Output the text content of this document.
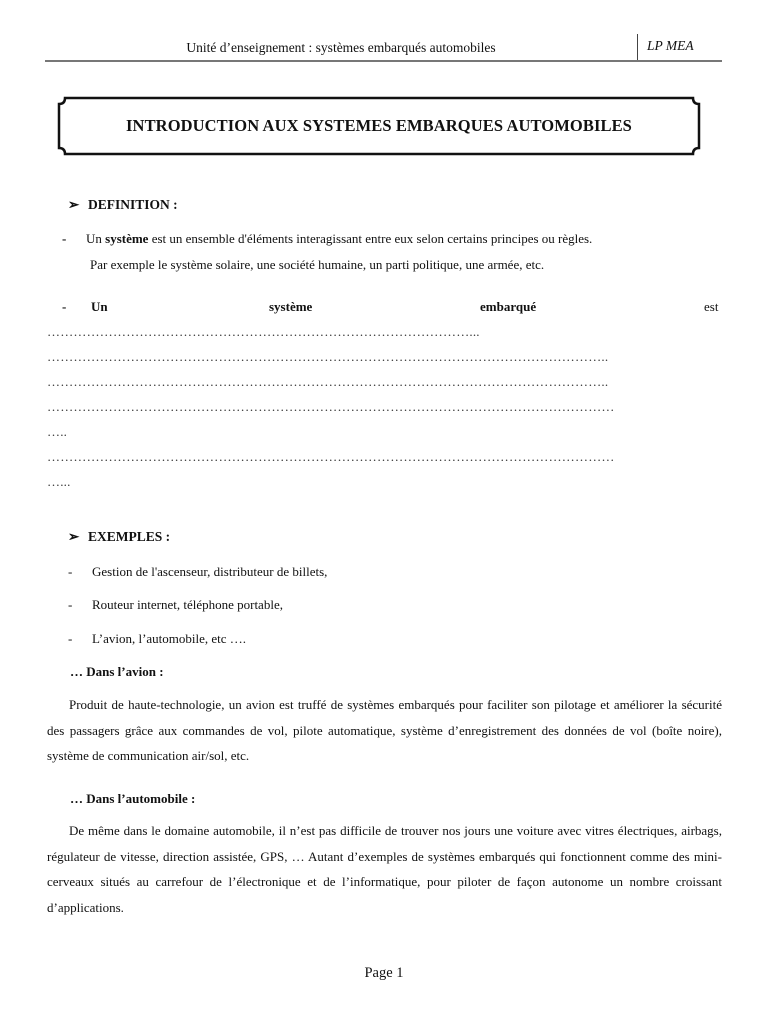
Unité d’enseignement : systèmes embarqués automobiles	LP MEA
INTRODUCTION AUX SYSTEMES EMBARQUES AUTOMOBILES
➢ DEFINITION :
- Un système est un ensemble d'éléments interagissant entre eux selon certains principes ou règles.
Par exemple le système solaire, une société humaine, un parti politique, une armée, etc.
- Un	système	embarqué	est
……………………………………………………………………………………...
………………………………………………………………………………………………………………..
………………………………………………………………………………………………………………..
…………………………………………………………………………………………………………………
…..
…………………………………………………………………………………………………………………
…...
➢ EXEMPLES :
- Gestion de l'ascenseur, distributeur de billets,
- Routeur internet, téléphone portable,
- L’avion, l’automobile, etc ….
… Dans l’avion :
Produit de haute-technologie, un avion est truffé de systèmes embarqués pour faciliter son pilotage et améliorer la sécurité des passagers grâce aux commandes de vol, pilote automatique, système d’enregistrement des données de vol (boîte noire), système de communication air/sol, etc.
… Dans l’automobile :
De même dans le domaine automobile, il n’est pas difficile de trouver nos jours une voiture avec vitres électriques, airbags, régulateur de vitesse, direction assistée, GPS, … Autant d’exemples de systèmes embarqués qui fonctionnent comme des mini-cerveaux situés au carrefour de l’électronique et de l’informatique, pour piloter de façon autonome un nombre croissant d’applications.
Page 1
